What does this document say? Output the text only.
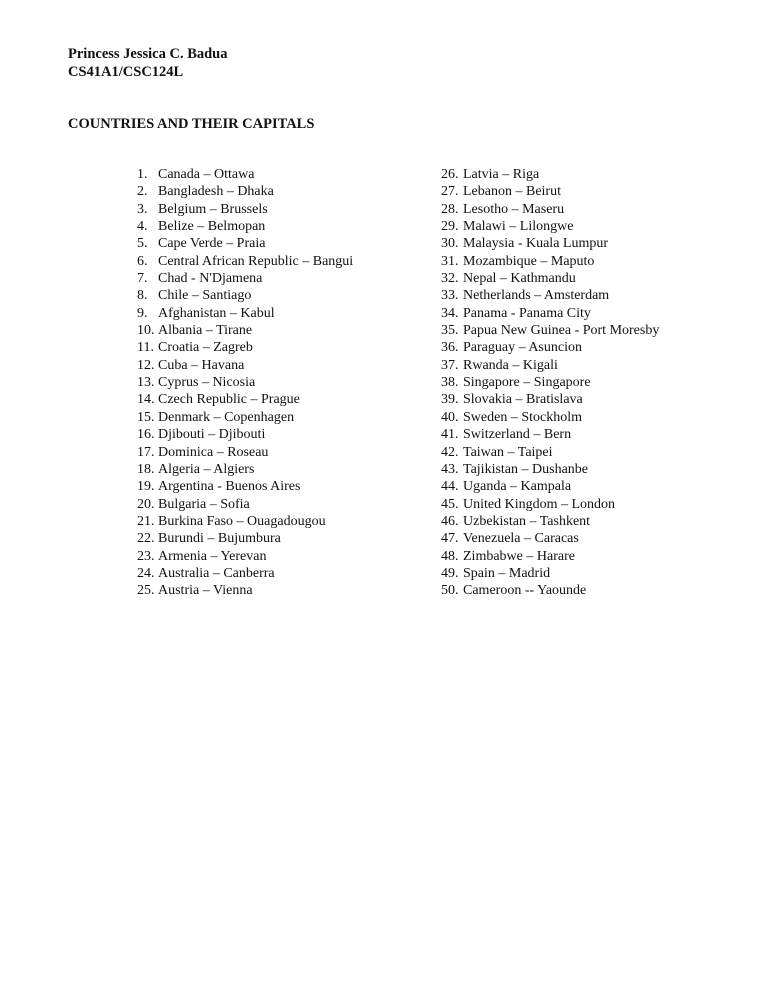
Princess Jessica C. Badua
CS41A1/CSC124L
COUNTRIES AND THEIR CAPITALS
1. Canada – Ottawa
2. Bangladesh – Dhaka
3. Belgium – Brussels
4. Belize – Belmopan
5. Cape Verde – Praia
6. Central African Republic – Bangui
7. Chad - N'Djamena
8. Chile – Santiago
9. Afghanistan – Kabul
10. Albania – Tirane
11. Croatia – Zagreb
12. Cuba – Havana
13. Cyprus – Nicosia
14. Czech Republic – Prague
15. Denmark – Copenhagen
16. Djibouti – Djibouti
17. Dominica – Roseau
18. Algeria – Algiers
19. Argentina - Buenos Aires
20. Bulgaria – Sofia
21. Burkina Faso – Ouagadougou
22. Burundi – Bujumbura
23. Armenia – Yerevan
24. Australia – Canberra
25. Austria – Vienna
26. Latvia – Riga
27. Lebanon – Beirut
28. Lesotho – Maseru
29. Malawi – Lilongwe
30. Malaysia - Kuala Lumpur
31. Mozambique – Maputo
32. Nepal – Kathmandu
33. Netherlands – Amsterdam
34. Panama - Panama City
35. Papua New Guinea - Port Moresby
36. Paraguay – Asuncion
37. Rwanda – Kigali
38. Singapore – Singapore
39. Slovakia – Bratislava
40. Sweden – Stockholm
41. Switzerland – Bern
42. Taiwan – Taipei
43. Tajikistan – Dushanbe
44. Uganda – Kampala
45. United Kingdom – London
46. Uzbekistan – Tashkent
47. Venezuela – Caracas
48. Zimbabwe – Harare
49. Spain – Madrid
50. Cameroon -- Yaounde
